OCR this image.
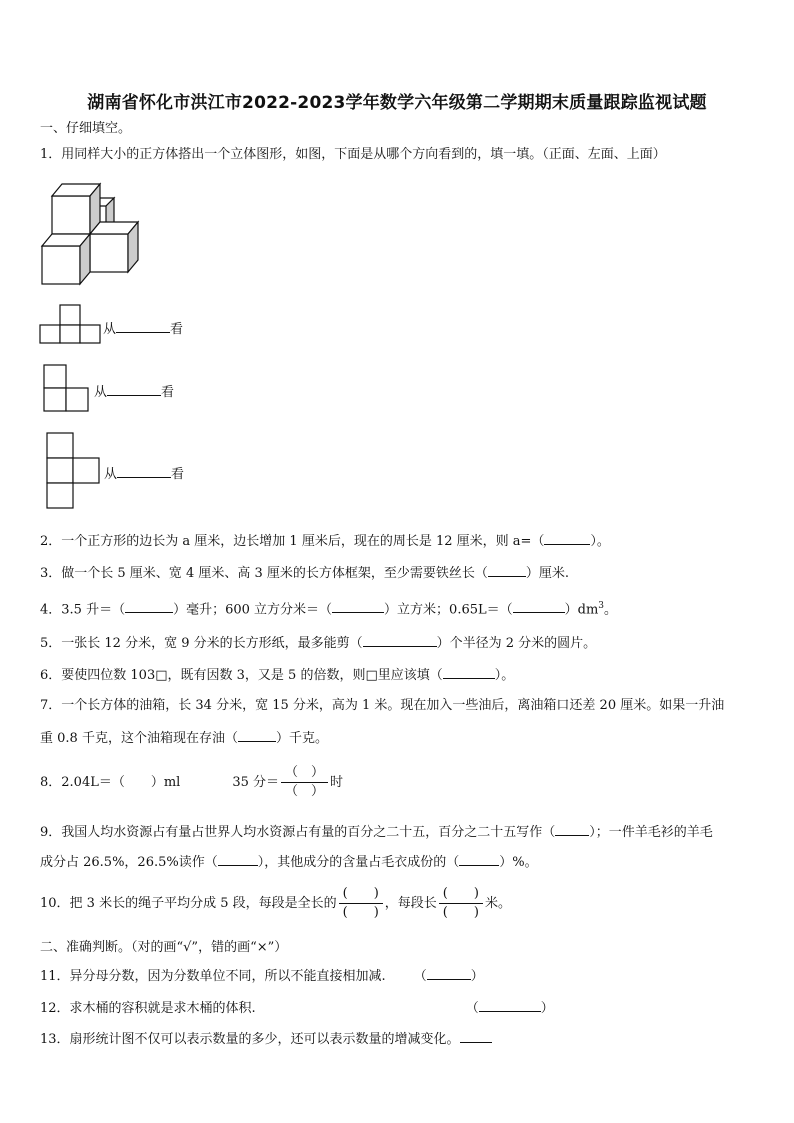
湖南省怀化市洪江市2022-2023学年数学六年级第二学期期末质量跟踪监视试题
一、仔细填空。
1．用同样大小的正方体搭出一个立体图形，如图，下面是从哪个方向看到的，填一填。（正面、左面、上面）
从	看
从	看
从	看
2．一个正方形的边长为 a 厘米，边长增加 1 厘米后，现在的周长是 12 厘米，则 a=（	）。
3．做一个长 5 厘米、宽 4 厘米、高 3 厘米的长方体框架，至少需要铁丝长（	）厘米.
4．3.5 升＝（	）毫升；600 立方分米＝（	）立方米；0.65L＝（	）$dm^3$。
5．一张长 12 分米，宽 9 分米的长方形纸，最多能剪（	）个半径为 2 分米的圆片。
6．要使四位数 103□，既有因数 3，又是 5 的倍数，则□里应该填（	）。
7．一个长方体的油箱，长 34 分米，宽 15 分米，高为 1 米。现在加入一些油后，离油箱口还差 20 厘米。如果一升油
重 0.8 千克，这个油箱现在存油（	）千克。
8．2.04L＝（　　）ml	35 分＝ $\frac{( )}{( )}$ 时
9．我国人均水资源占有量占世界人均水资源占有量的百分之二十五，百分之二十五写作（	）；一件羊毛衫的羊毛
成分占 26.5%，26.5%读作（	），其他成分的含量占毛衣成份的（	）%。
10．把 3 米长的绳子平均分成 5 段，每段是全长的 $\frac{( )}{( )}$ ，每段长 $\frac{( )}{( )}$ 米。
二、准确判断。（对的画“√”，错的画“×”）
11．异分母分数，因为分数单位不同，所以不能直接相加减. （	）
12．求木桶的容积就是求木桶的体积.	（	）
13．扇形统计图不仅可以表示数量的多少，还可以表示数量的增减变化。
